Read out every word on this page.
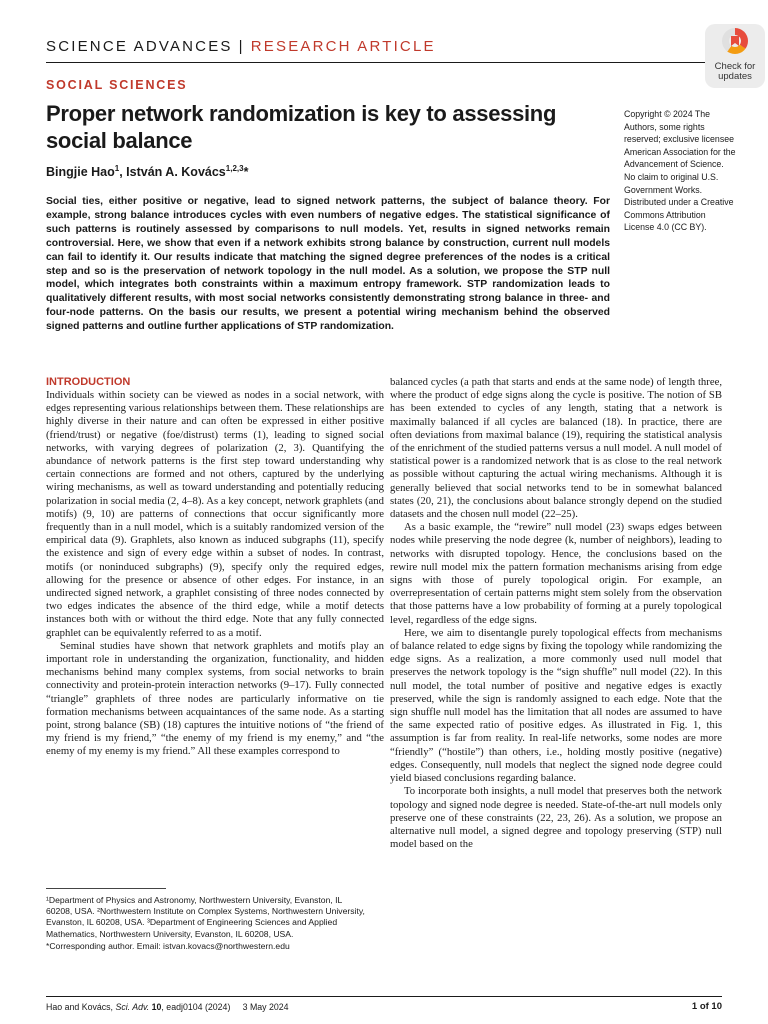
SCIENCE ADVANCES | RESEARCH ARTICLE
Check for updates
SOCIAL SCIENCES
Proper network randomization is key to assessing social balance
Bingjie Hao$^1$, István A. Kovács$^{1,2,3}$*

Social ties, either positive or negative, lead to signed network patterns, the subject of balance theory. For example, strong balance introduces cycles with even numbers of negative edges. The statistical significance of such patterns is routinely assessed by comparisons to null models. Yet, results in signed networks remain controversial. Here, we show that even if a network exhibits strong balance by construction, current null models can fail to identify it. Our results indicate that matching the signed degree preferences of the nodes is a critical step and so is the preservation of network topology in the null model. As a solution, we propose the STP null model, which integrates both constraints within a maximum entropy framework. STP randomization leads to qualitatively different results, with most social networks consistently demonstrating strong balance in three- and four-node patterns. On the basis our results, we present a potential wiring mechanism behind the observed signed patterns and outline further applications of STP randomization.

Copyright © 2024 The Authors, some rights reserved; exclusive licensee American Association for the Advancement of Science. No claim to original U.S. Government Works. Distributed under a Creative Commons Attribution License 4.0 (CC BY).

INTRODUCTION

Individuals within society can be viewed as nodes in a social network, with edges representing various relationships between them. These relationships are highly diverse in their nature and can often be expressed in either positive (friend/trust) or negative (foe/distrust) terms (1), leading to signed social networks, with varying degrees of polarization (2, 3). Quantifying the abundance of network patterns is the first step toward understanding why certain connections are formed and not others, captured by the underlying wiring mechanisms, as well as toward understanding and potentially reducing polarization in social media (2, 4–8). As a key concept, network graphlets (and motifs) (9, 10) are patterns of connections that occur significantly more frequently than in a null model, which is a suitably randomized version of the empirical data (9). Graphlets, also known as induced subgraphs (11), specify the existence and sign of every edge within a subset of nodes. In contrast, motifs (or noninduced subgraphs) (9), specify only the required edges, allowing for the presence or absence of other edges. For instance, in an undirected signed network, a graphlet consisting of three nodes connected by two edges indicates the absence of the third edge, while a motif detects instances both with or without the third edge. Note that any fully connected graphlet can be equivalently referred to as a motif.

Seminal studies have shown that network graphlets and motifs play an important role in understanding the organization, functionality, and hidden mechanisms behind many complex systems, from social networks to brain connectivity and protein-protein interaction networks (9–17). Fully connected “triangle” graphlets of three nodes are particularly informative on tie formation mechanisms between acquaintances of the same node. As a starting point, strong balance (SB) (18) captures the intuitive notions of “the friend of my friend is my friend,” “the enemy of my friend is my enemy,” and “the enemy of my enemy is my friend.” All these examples correspond to

balanced cycles (a path that starts and ends at the same node) of length three, where the product of edge signs along the cycle is positive. The notion of SB has been extended to cycles of any length, stating that a network is maximally balanced if all cycles are balanced (18). In practice, there are often deviations from maximal balance (19), requiring the statistical analysis of the enrichment of the studied patterns versus a null model. A null model of statistical power is a randomized network that is as close to the real network as possible without capturing the actual wiring mechanisms. Although it is generally believed that social networks tend to be in somewhat balanced states (20, 21), the conclusions about balance strongly depend on the studied datasets and the chosen null model (22–25).

As a basic example, the “rewire” null model (23) swaps edges between nodes while preserving the node degree (k, number of neighbors), leading to networks with disrupted topology. Hence, the conclusions based on the rewire null model mix the pattern formation mechanisms arising from edge signs with those of purely topological origin. For example, an overrepresentation of certain patterns might stem solely from the observation that those patterns have a low probability of forming at a purely topological level, regardless of the edge signs.

Here, we aim to disentangle purely topological effects from mechanisms of balance related to edge signs by fixing the topology while randomizing the edge signs. As a realization, a more commonly used null model that preserves the network topology is the “sign shuffle” null model (22). In this null model, the total number of positive and negative edges is exactly preserved, while the sign is randomly assigned to each edge. Note that the sign shuffle null model has the limitation that all nodes are assumed to have the same expected ratio of positive edges. As illustrated in Fig. 1, this assumption is far from reality. In real-life networks, some nodes are more “friendly” (“hostile”) than others, i.e., holding mostly positive (negative) edges. Consequently, null models that neglect the signed node degree could yield biased conclusions regarding balance.

To incorporate both insights, a null model that preserves both the network topology and signed node degree is needed. State-of-the-art null models only preserve one of these constraints (22, 23, 26). As a solution, we propose an alternative null model, a signed degree and topology preserving (STP) null model based on the

¹Department of Physics and Astronomy, Northwestern University, Evanston, IL 60208, USA. ²Northwestern Institute on Complex Systems, Northwestern University, Evanston, IL 60208, USA. ³Department of Engineering Sciences and Applied Mathematics, Northwestern University, Evanston, IL 60208, USA.

*Corresponding author. Email: istvan.kovacs@northwestern.edu

Hao and Kovács, Sci. Adv. 10, eadj0104 (2024)     3 May 2024	1 of 10
